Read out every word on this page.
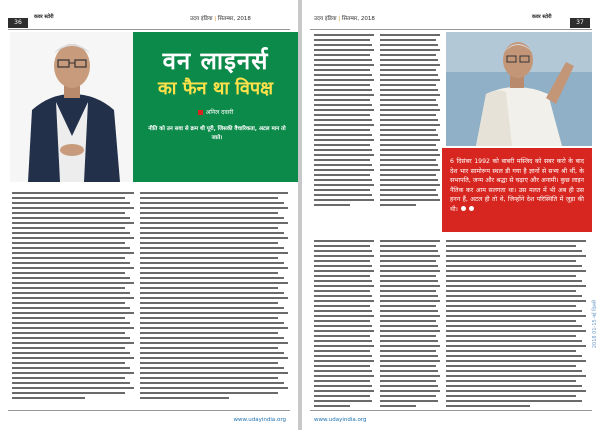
36
कवर स्टोरी	उदय इंडिया | सितम्बर, 2018
वन लाइनर्स
का फैन था विपक्ष
अनिल दवारी
नीति को उन सवा से क्रम थी पूरी, जिसकी वैचारिकता, अटल मान तो जाते।
www.udayindia.org
उदय इंडिया | सितम्बर, 2018	कवर स्टोरी
37
6 दिसंबर 1992 को बाबरी मस्जिद को सबर करो के बाद देश भार सामोरूप स्थल डी गया है ज्ञानों से सभ्य श्री थीं, के सभापति, जन्म और श्रद्धा से चढ़ाए और अनामी। कुछ लाइन नैतिक कर आम सलगता था। उस मलत में भी अब ही उस हनन हैं, अटल ही तो थे, जिन्होंने देश परिस्थिति में जुड़ा की थी।
www.udayindia.org
2018 01-15 नई दिल्ली
